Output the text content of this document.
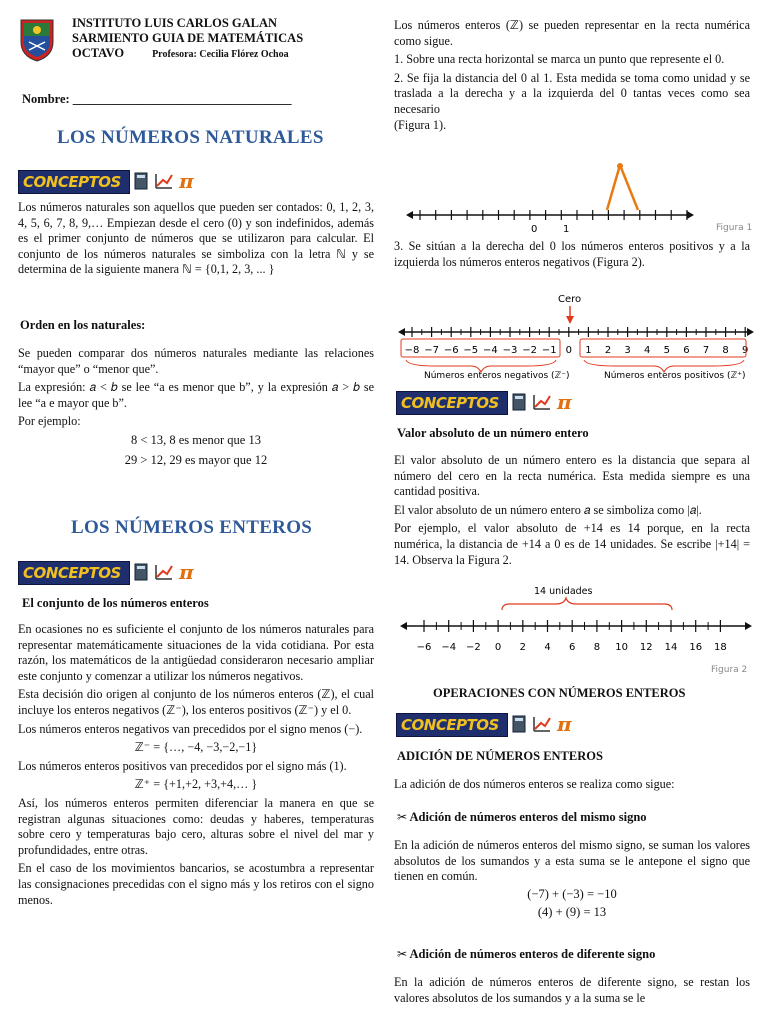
INSTITUTO LUIS CARLOS GALAN
SARMIENTO GUIA DE MATEMÁTICAS
OCTAVO	Profesora: Cecilia Flórez Ochoa
Nombre: ___________________________________
LOS NÚMEROS NATURALES
CONCEPTOS	π

Los números naturales son aquellos que pueden ser contados: 0, 1, 2, 3, 4, 5, 6, 7, 8, 9,… Empiezan desde el cero (0) y son indefinidos, además es el primer conjunto de números que se utilizaron para calcular. El conjunto de los números naturales se simboliza con la letra ℕ y se determina de la siguiente manera ℕ = {0,1, 2, 3, ... }

Orden en los naturales:

Se pueden comparar dos números naturales mediante las relaciones “mayor que” o “menor que”.

La expresión: 𝑎 < 𝑏 se lee “a es menor que b”, y la expresión 𝑎 > 𝑏 se lee “a e mayor que b”.

Por ejemplo:

8 < 13, 8 es menor que 13

29 > 12, 29 es mayor que 12

LOS NÚMEROS ENTEROS
CONCEPTOS	π
El conjunto de los números enteros

En ocasiones no es suficiente el conjunto de los números naturales para representar matemáticamente situaciones de la vida cotidiana. Por esta razón, los matemáticos de la antigüedad consideraron necesario ampliar este conjunto y comenzar a utilizar los números negativos.

Esta decisión dio origen al conjunto de los números enteros (ℤ), el cual incluye los enteros negativos (ℤ⁻), los enteros positivos (ℤ⁻) y el 0.

Los números enteros negativos van precedidos por el signo menos (−).

ℤ⁻ = {…, −4, −3,−2,−1}

Los números enteros positivos van precedidos por el signo más (1).

ℤ⁺ = {+1,+2, +3,+4,… }

Así, los números enteros permiten diferenciar la manera en que se registran algunas situaciones como: deudas y haberes, temperaturas sobre cero y temperaturas bajo cero, alturas sobre el nivel del mar y profundidades, entre otras.

En el caso de los movimientos bancarios, se acostumbra a representar las consignaciones precedidas con el signo más y los retiros con el signo menos.

Los números enteros (ℤ) se pueden representar en la recta numérica como sigue.

1. Sobre una recta horizontal se marca un punto que represente el 0.

2. Se fija la distancia del 0 al 1. Esta medida se toma como unidad y se traslada a la derecha y a la izquierda del 0 tantas veces como sea necesario

(Figura 1).

0	1	Figura 1

3. Se sitúan a la derecha del 0 los números enteros positivos y a la izquierda los números enteros negativos (Figura 2).

Cero
−8 −7 −6 −5 −4 −3 −2 −1 0 1 2 3 4 5 6 7 8 9
Números enteros negativos (ℤ⁻)	Números enteros positivos (ℤ⁺)
CONCEPTOS	π
Valor absoluto de un número entero

El valor absoluto de un número entero es la distancia que separa al número del cero en la recta numérica. Esta medida siempre es una cantidad positiva.

El valor absoluto de un número entero 𝑎 se simboliza como |𝑎|.

Por ejemplo, el valor absoluto de +14 es 14 porque, en la recta numérica, la distancia de +14 a 0 es de 14 unidades. Se escribe |+14| = 14. Observa la Figura 2.

14 unidades
−6 −4 −2 0 2 4 6 8 10 12 14 16 18
Figura 2
OPERACIONES CON NÚMEROS ENTEROS
CONCEPTOS	π
ADICIÓN DE NÚMEROS ENTEROS

La adición de dos números enteros se realiza como sigue:

✂ Adición de números enteros del mismo signo

En la adición de números enteros del mismo signo, se suman los valores absolutos de los sumandos y a esta suma se le antepone el signo que tienen en común.

(−7) + (−3) = −10

(4) + (9) = 13

✂ Adición de números enteros de diferente signo

En la adición de números enteros de diferente signo, se restan los valores absolutos de los sumandos y a la suma se le
